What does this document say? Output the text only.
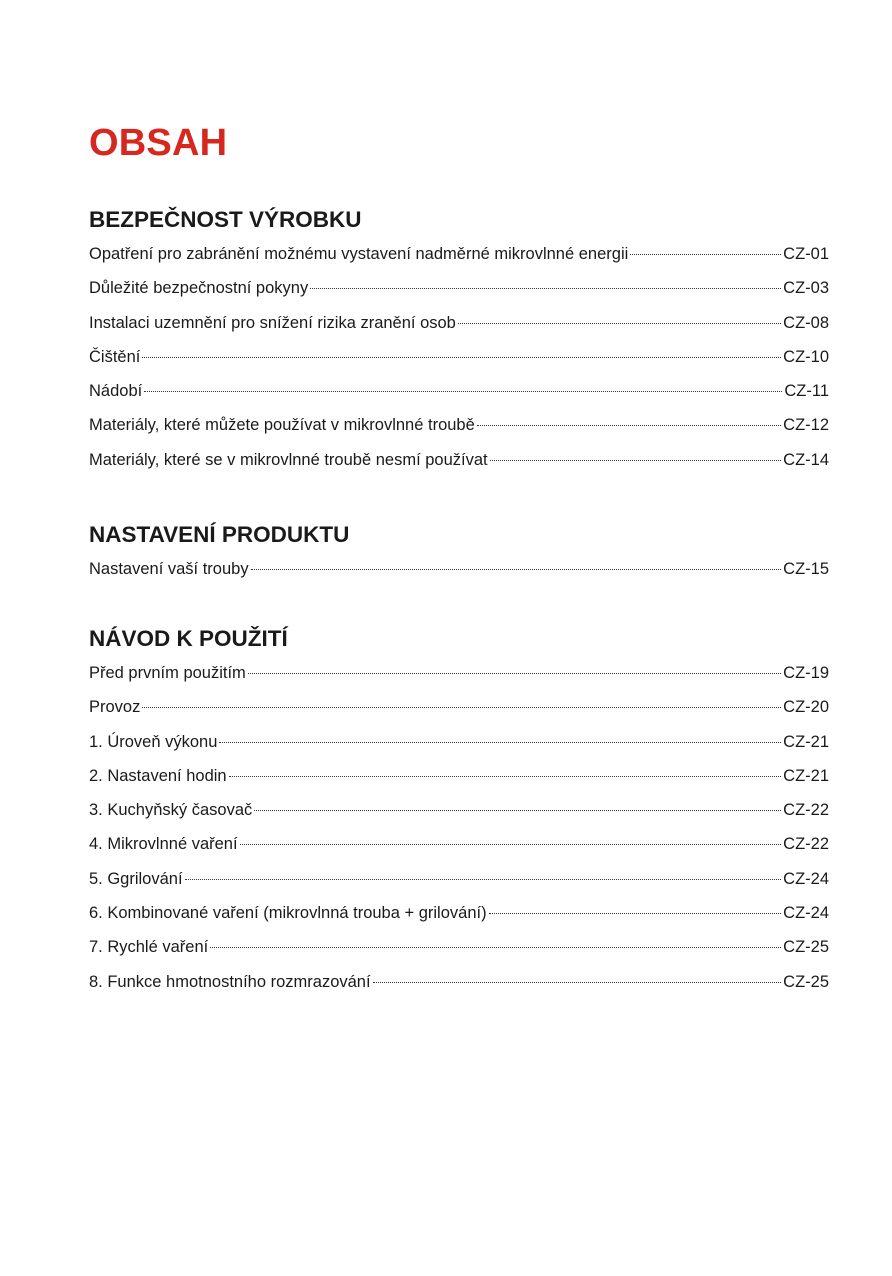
OBSAH
BEZPEČNOST VÝROBKU
Opatření pro zabránění možnému vystavení nadměrné mikrovlnné energii	CZ-01
Důležité bezpečnostní pokyny	CZ-03
Instalaci uzemnění pro snížení rizika zranění osob	CZ-08
Čištění	CZ-10
Nádobí	CZ-11
Materiály, které můžete používat v mikrovlnné troubě	CZ-12
Materiály, které se v mikrovlnné troubě nesmí používat	CZ-14
NASTAVENÍ PRODUKTU
Nastavení vaší trouby	CZ-15
NÁVOD K POUŽITÍ
Před prvním použitím	CZ-19
Provoz	CZ-20
1. Úroveň výkonu	CZ-21
2. Nastavení hodin	CZ-21
3. Kuchyňský časovač	CZ-22
4. Mikrovlnné vaření	CZ-22
5. Ggrilování	CZ-24
6. Kombinované vaření (mikrovlnná trouba + grilování)	CZ-24
7. Rychlé vaření	CZ-25
8. Funkce hmotnostního rozmrazování	CZ-25
